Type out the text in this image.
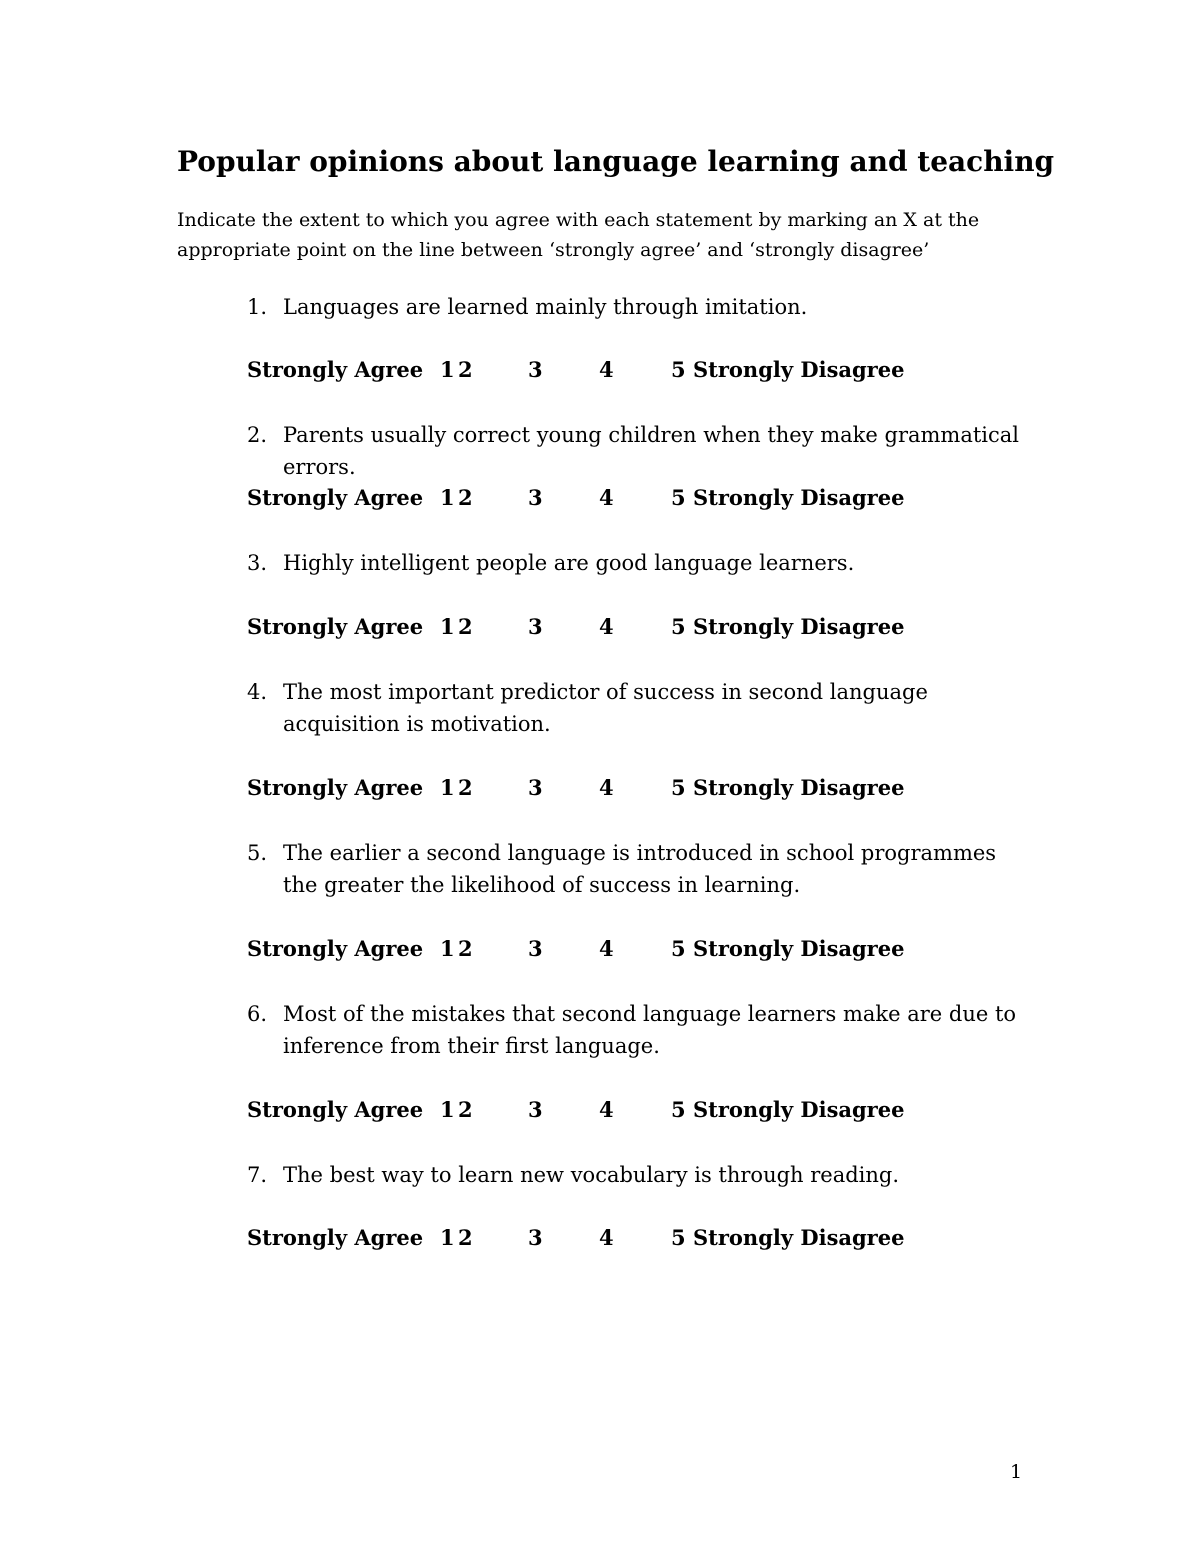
Popular opinions about language learning and teaching

Indicate the extent to which you agree with each statement by marking an X at the appropriate point on the line between ‘strongly agree’ and ‘strongly disagree’

1. Languages are learned mainly through imitation.
Strongly Agree 1 2	3	4	5 Strongly Disagree
2. Parents usually correct young children when they make grammatical errors.
Strongly Agree 1 2	3	4	5 Strongly Disagree
3. Highly intelligent people are good language learners.
Strongly Agree 1 2	3	4	5 Strongly Disagree
4. The most important predictor of success in second language acquisition is motivation.
Strongly Agree 1 2	3	4	5 Strongly Disagree
5. The earlier a second language is introduced in school programmes the greater the likelihood of success in learning.
Strongly Agree 1 2	3	4	5 Strongly Disagree
6. Most of the mistakes that second language learners make are due to inference from their first language.
Strongly Agree 1 2	3	4	5 Strongly Disagree
7. The best way to learn new vocabulary is through reading.
Strongly Agree 1 2	3	4	5 Strongly Disagree
1
